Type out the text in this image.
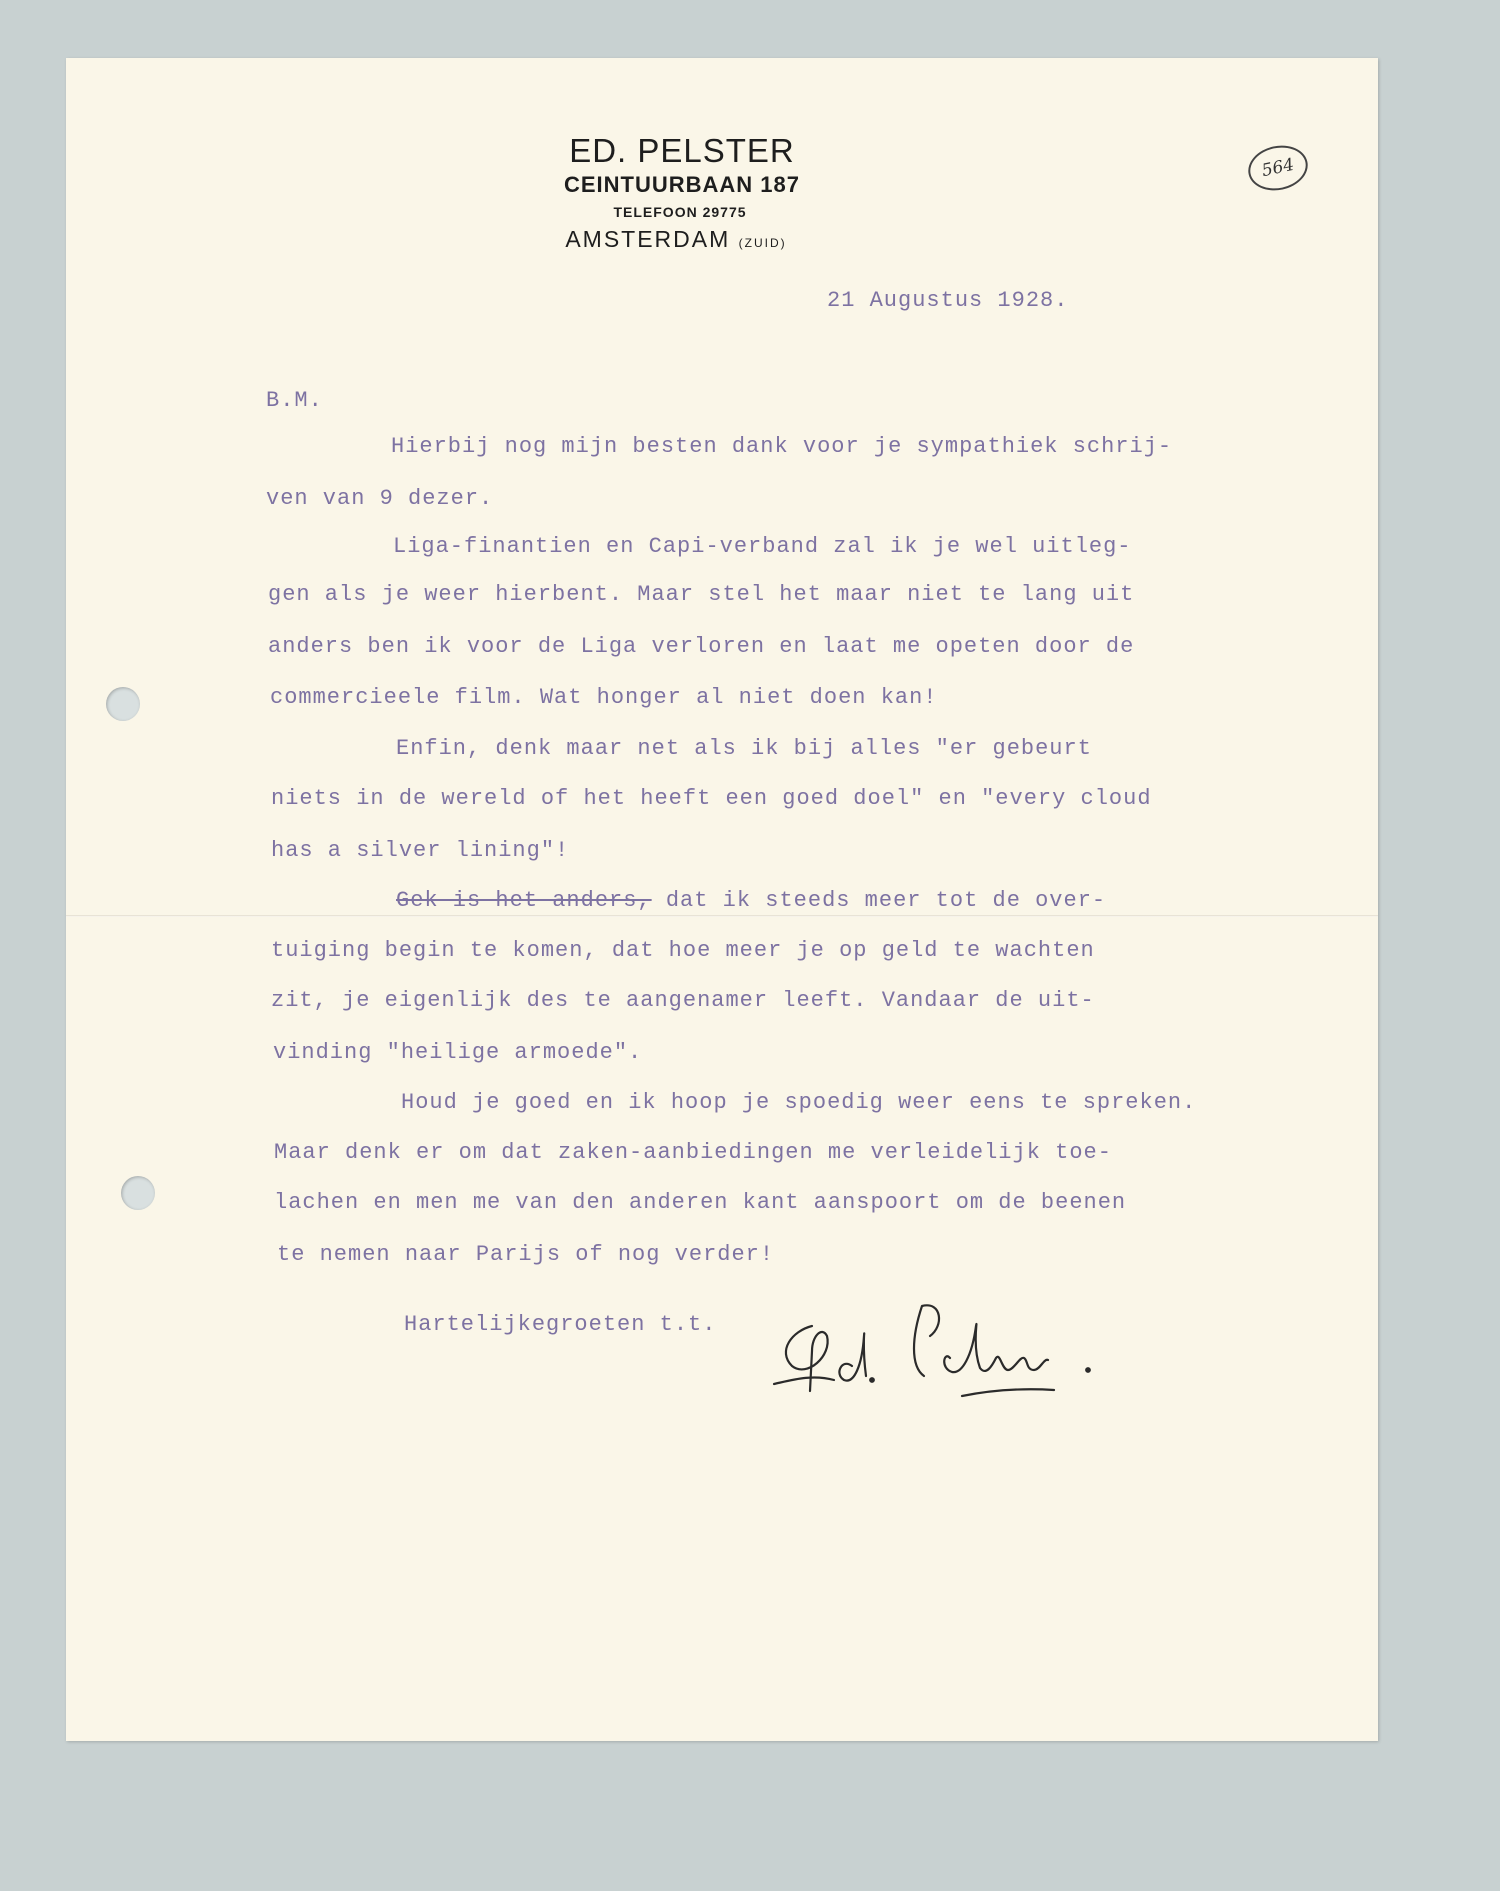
ED. PELSTER
CEINTUURBAAN 187
TELEFOON 29775
AMSTERDAM (ZUID)
564
21 Augustus 1928.
B.M.
Hierbij nog mijn besten dank voor je sympathiek schrij-
ven van 9 dezer.
Liga-finantien en Capi-verband zal ik je wel uitleg-
gen als je weer hierbent. Maar stel het maar niet te lang uit
anders ben ik voor de Liga verloren en laat me opeten door de
commercieele film. Wat honger al niet doen kan!
Enfin, denk maar net als ik bij alles "er gebeurt
niets in de wereld of het heeft een goed doel" en "every cloud
has a silver lining"!
Gek is het anders, dat ik steeds meer tot de over-
tuiging begin te komen, dat hoe meer je op geld te wachten
zit, je eigenlijk des te aangenamer leeft. Vandaar de uit-
vinding "heilige armoede".
Houd je goed en ik hoop je spoedig weer eens te spreken.
Maar denk er om dat zaken-aanbiedingen me verleidelijk toe-
lachen en men me van den anderen kant aanspoort om de beenen
te nemen naar Parijs of nog verder!
Hartelijkegroeten t.t.
